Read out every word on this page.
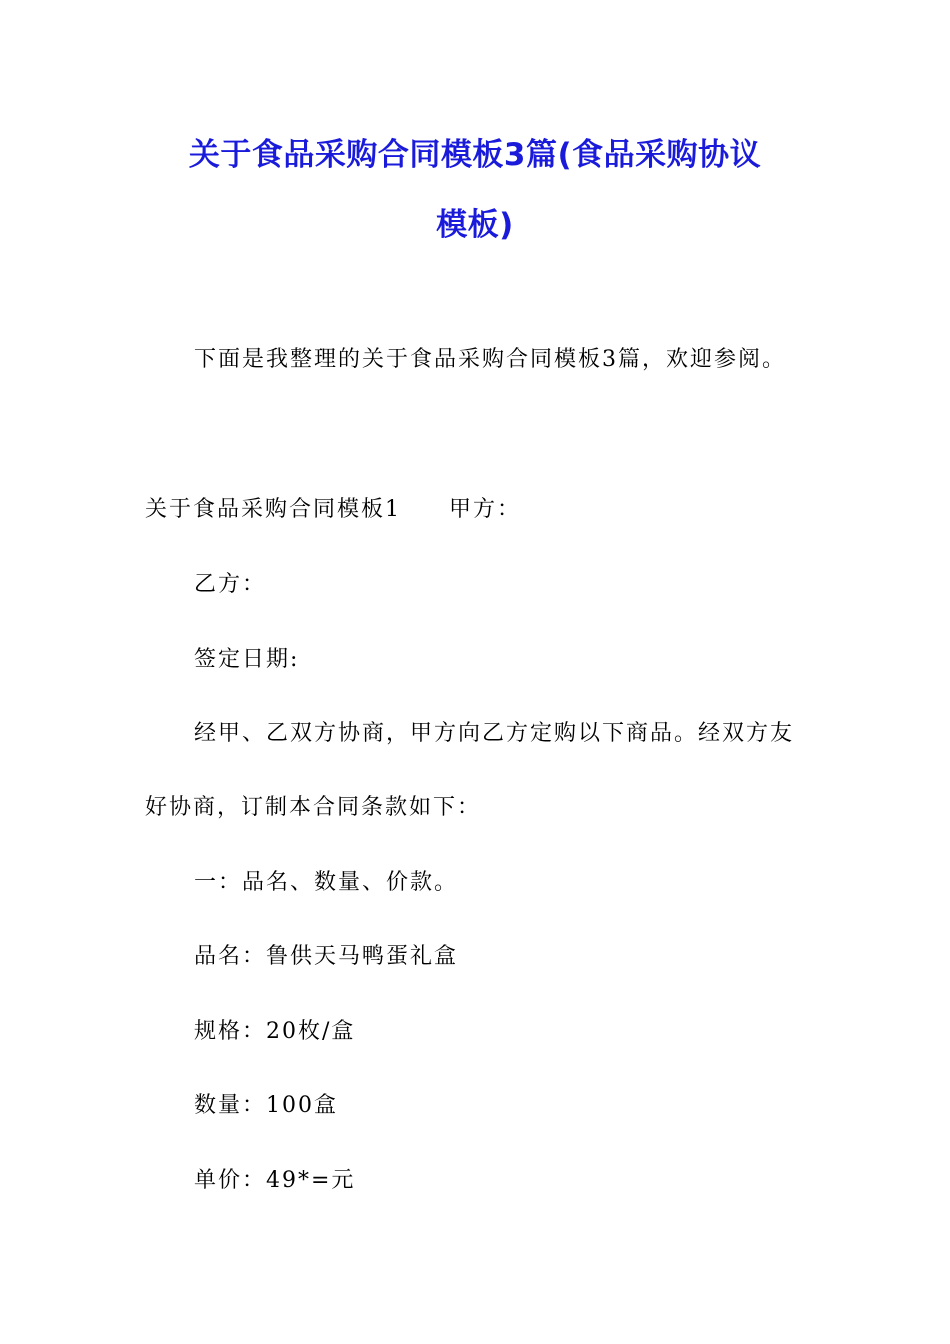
关于食品采购合同模板3篇(食品采购协议
模板)
下面是我整理的关于食品采购合同模板3篇，欢迎参阅。
关于食品采购合同模板1 甲方：
乙方：
签定日期:
经甲、乙双方协商，甲方向乙方定购以下商品。经双方友
好协商，订制本合同条款如下：
一：品名、数量、价款。
品名：鲁供天马鸭蛋礼盒
规格：20枚/盒
数量：100盒
单价：49*=元
